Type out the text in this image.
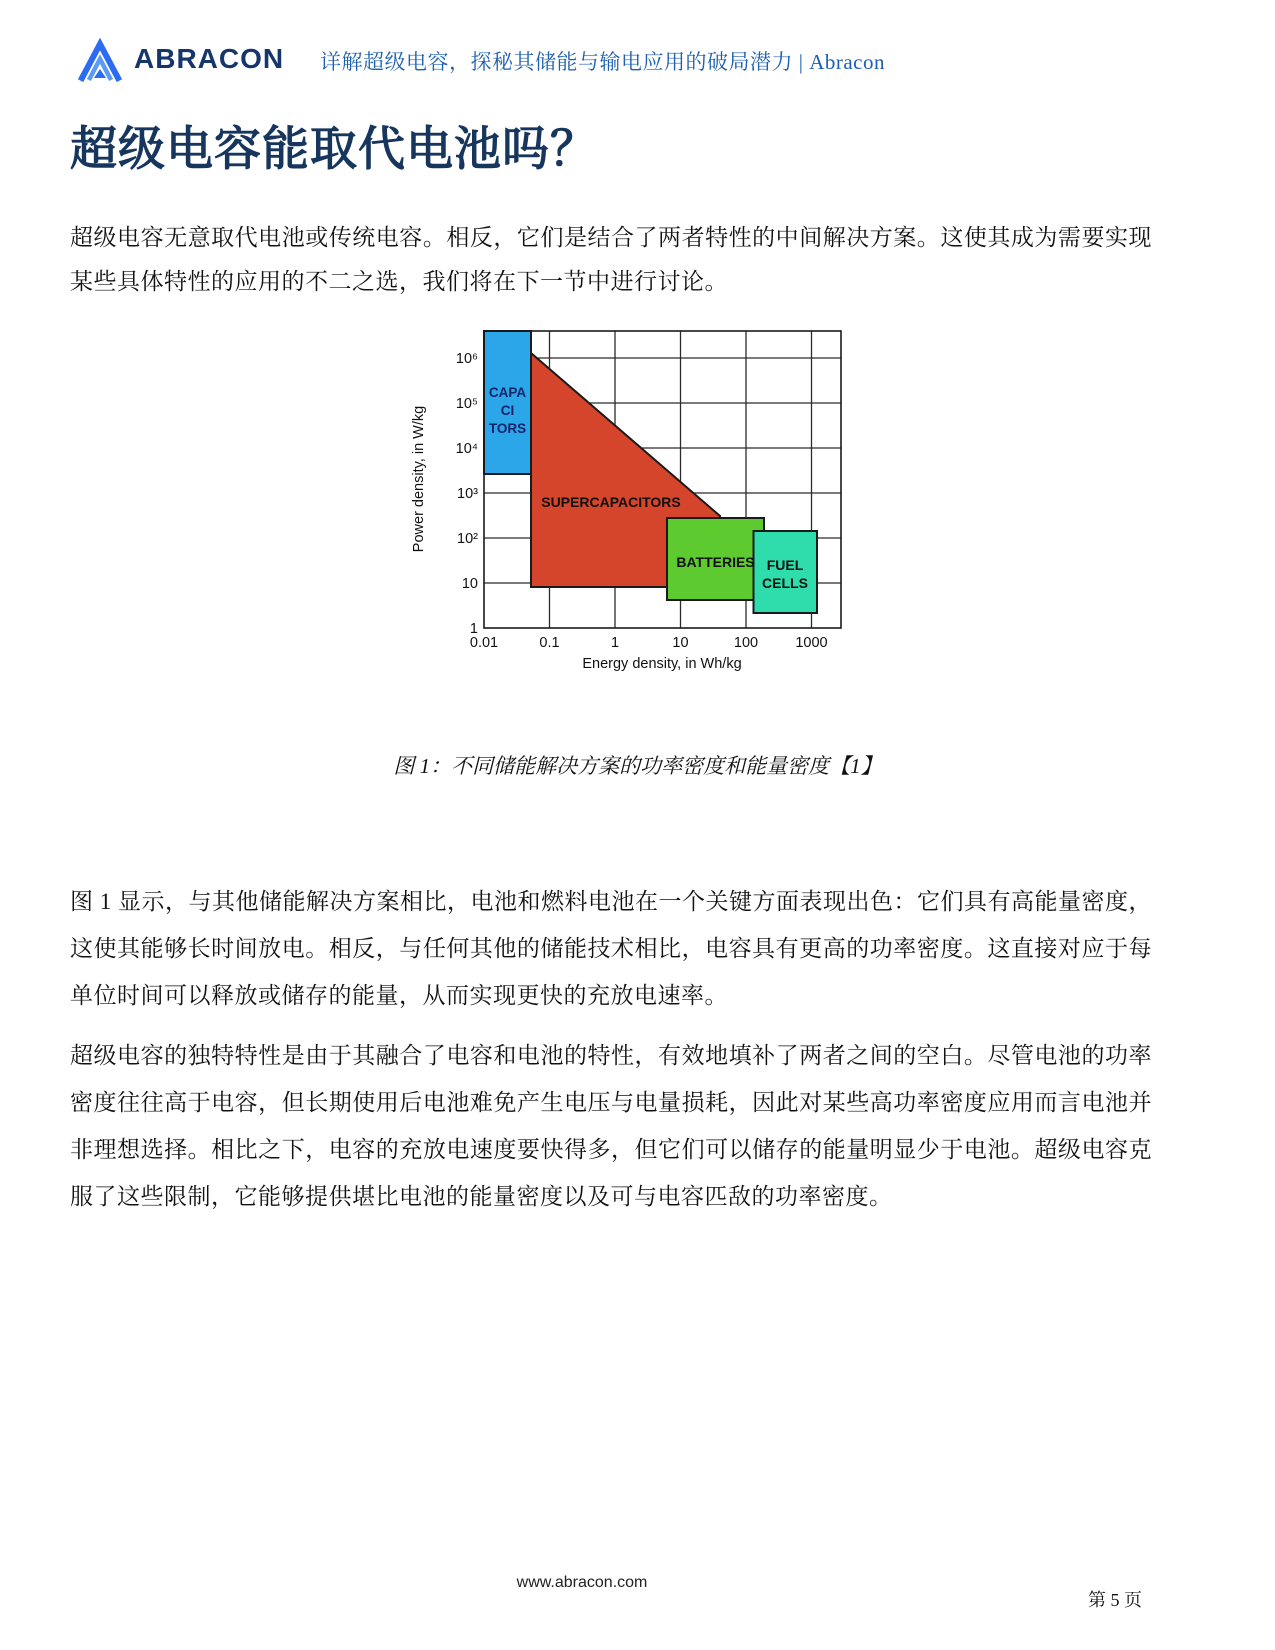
ABRACON 详解超级电容，探秘其储能与输电应用的破局潜力 | Abracon
超级电容能取代电池吗？

超级电容无意取代电池或传统电容。相反，它们是结合了两者特性的中间解决方案。这使其成为需要实现某些具体特性的应用的不二之选，我们将在下一节中进行讨论。

CAPA
CI
TORS
SUPERCAPACITORS
BATTERIES FUEL
CELLS
10⁶
10⁵
10⁴
10³
10²
10
1
0.01	0.1	1	10	100	1000
Energy density, in Wh/kg
Power density, in W/kg
图 1：不同储能解决方案的功率密度和能量密度【1】

图 1 显示，与其他储能解决方案相比，电池和燃料电池在一个关键方面表现出色：它们具有高能量密度，这使其能够长时间放电。相反，与任何其他的储能技术相比，电容具有更高的功率密度。这直接对应于每单位时间可以释放或储存的能量，从而实现更快的充放电速率。

超级电容的独特特性是由于其融合了电容和电池的特性，有效地填补了两者之间的空白。尽管电池的功率密度往往高于电容，但长期使用后电池难免产生电压与电量损耗，因此对某些高功率密度应用而言电池并非理想选择。相比之下，电容的充放电速度要快得多，但它们可以储存的能量明显少于电池。超级电容克服了这些限制，它能够提供堪比电池的能量密度以及可与电容匹敌的功率密度。

www.abracon.com
第 5 页
